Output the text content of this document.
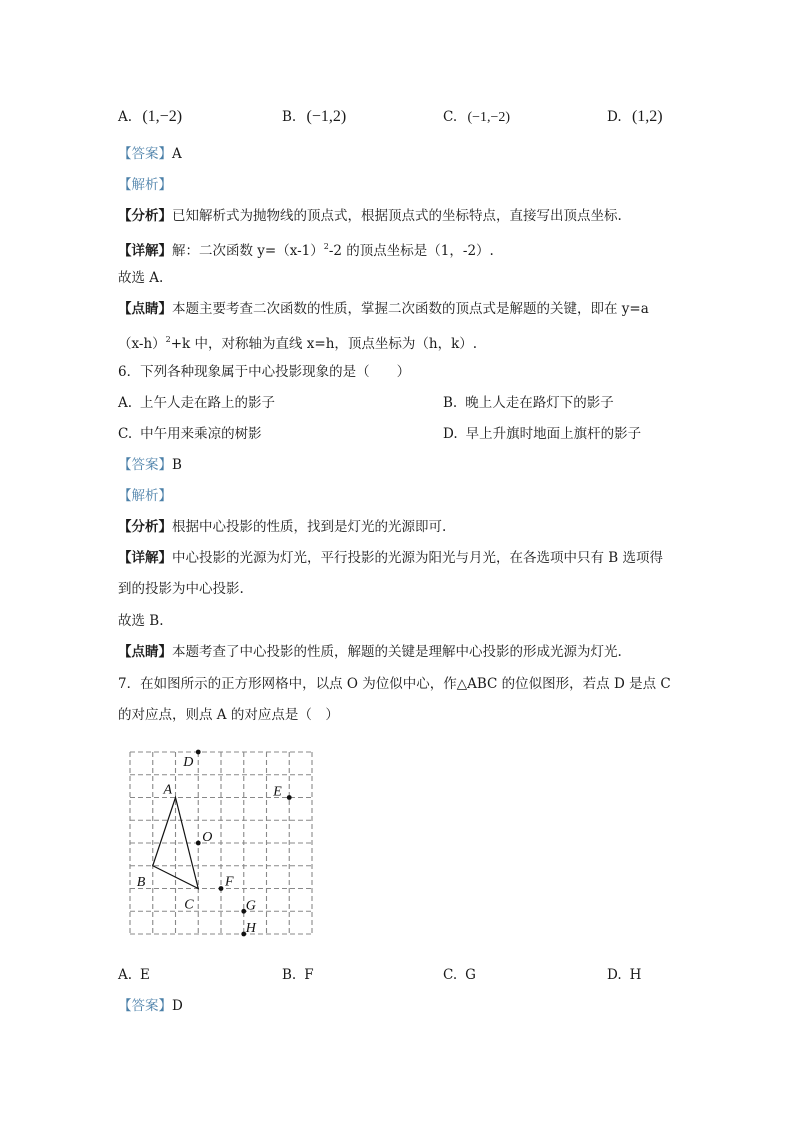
A. (1,−2)	B. (−1,2)	C. (−1,−2)	D. (1,2)
【答案】A
【解析】
【分析】已知解析式为抛物线的顶点式，根据顶点式的坐标特点，直接写出顶点坐标.
【详解】解：二次函数 $y=(x-1)^2-2$ 的顶点坐标是（1，-2）.
故选 A.
【点睛】本题主要考查二次函数的性质，掌握二次函数的顶点式是解题的关键，即在 y=a
$(x-h)^2+k$ 中，对称轴为直线 x=h，顶点坐标为（h，k）.
6．下列各种现象属于中心投影现象的是（　　）
A. 上午人走在路上的影子	B. 晚上人走在路灯下的影子
C. 中午用来乘凉的树影	D. 早上升旗时地面上旗杆的影子
【答案】B
【解析】
【分析】根据中心投影的性质，找到是灯光的光源即可.
【详解】中心投影的光源为灯光，平行投影的光源为阳光与月光，在各选项中只有 B 选项得
到的投影为中心投影.
故选 B.
【点睛】本题考查了中心投影的性质，解题的关键是理解中心投影的形成光源为灯光.
7．在如图所示的正方形网格中，以点 O 为位似中心，作△ABC 的位似图形，若点 D 是点 C
的对应点，则点 A 的对应点是（　）
D
A	E
O
B
C
F
G
H
A. E	B. F	C. G	D. H
【答案】D
